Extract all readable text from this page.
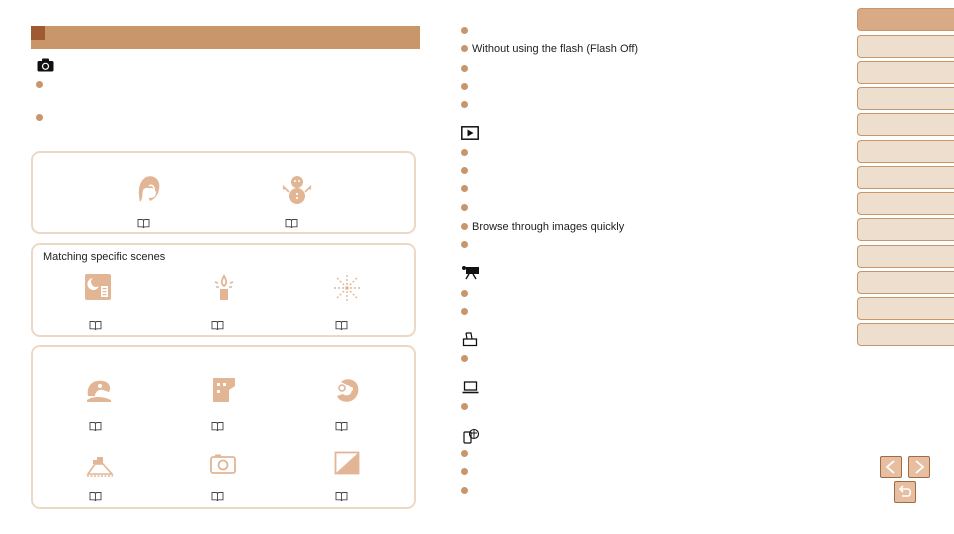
Matching specific scenes
Without using the flash (Flash Off)
Browse through images quickly
